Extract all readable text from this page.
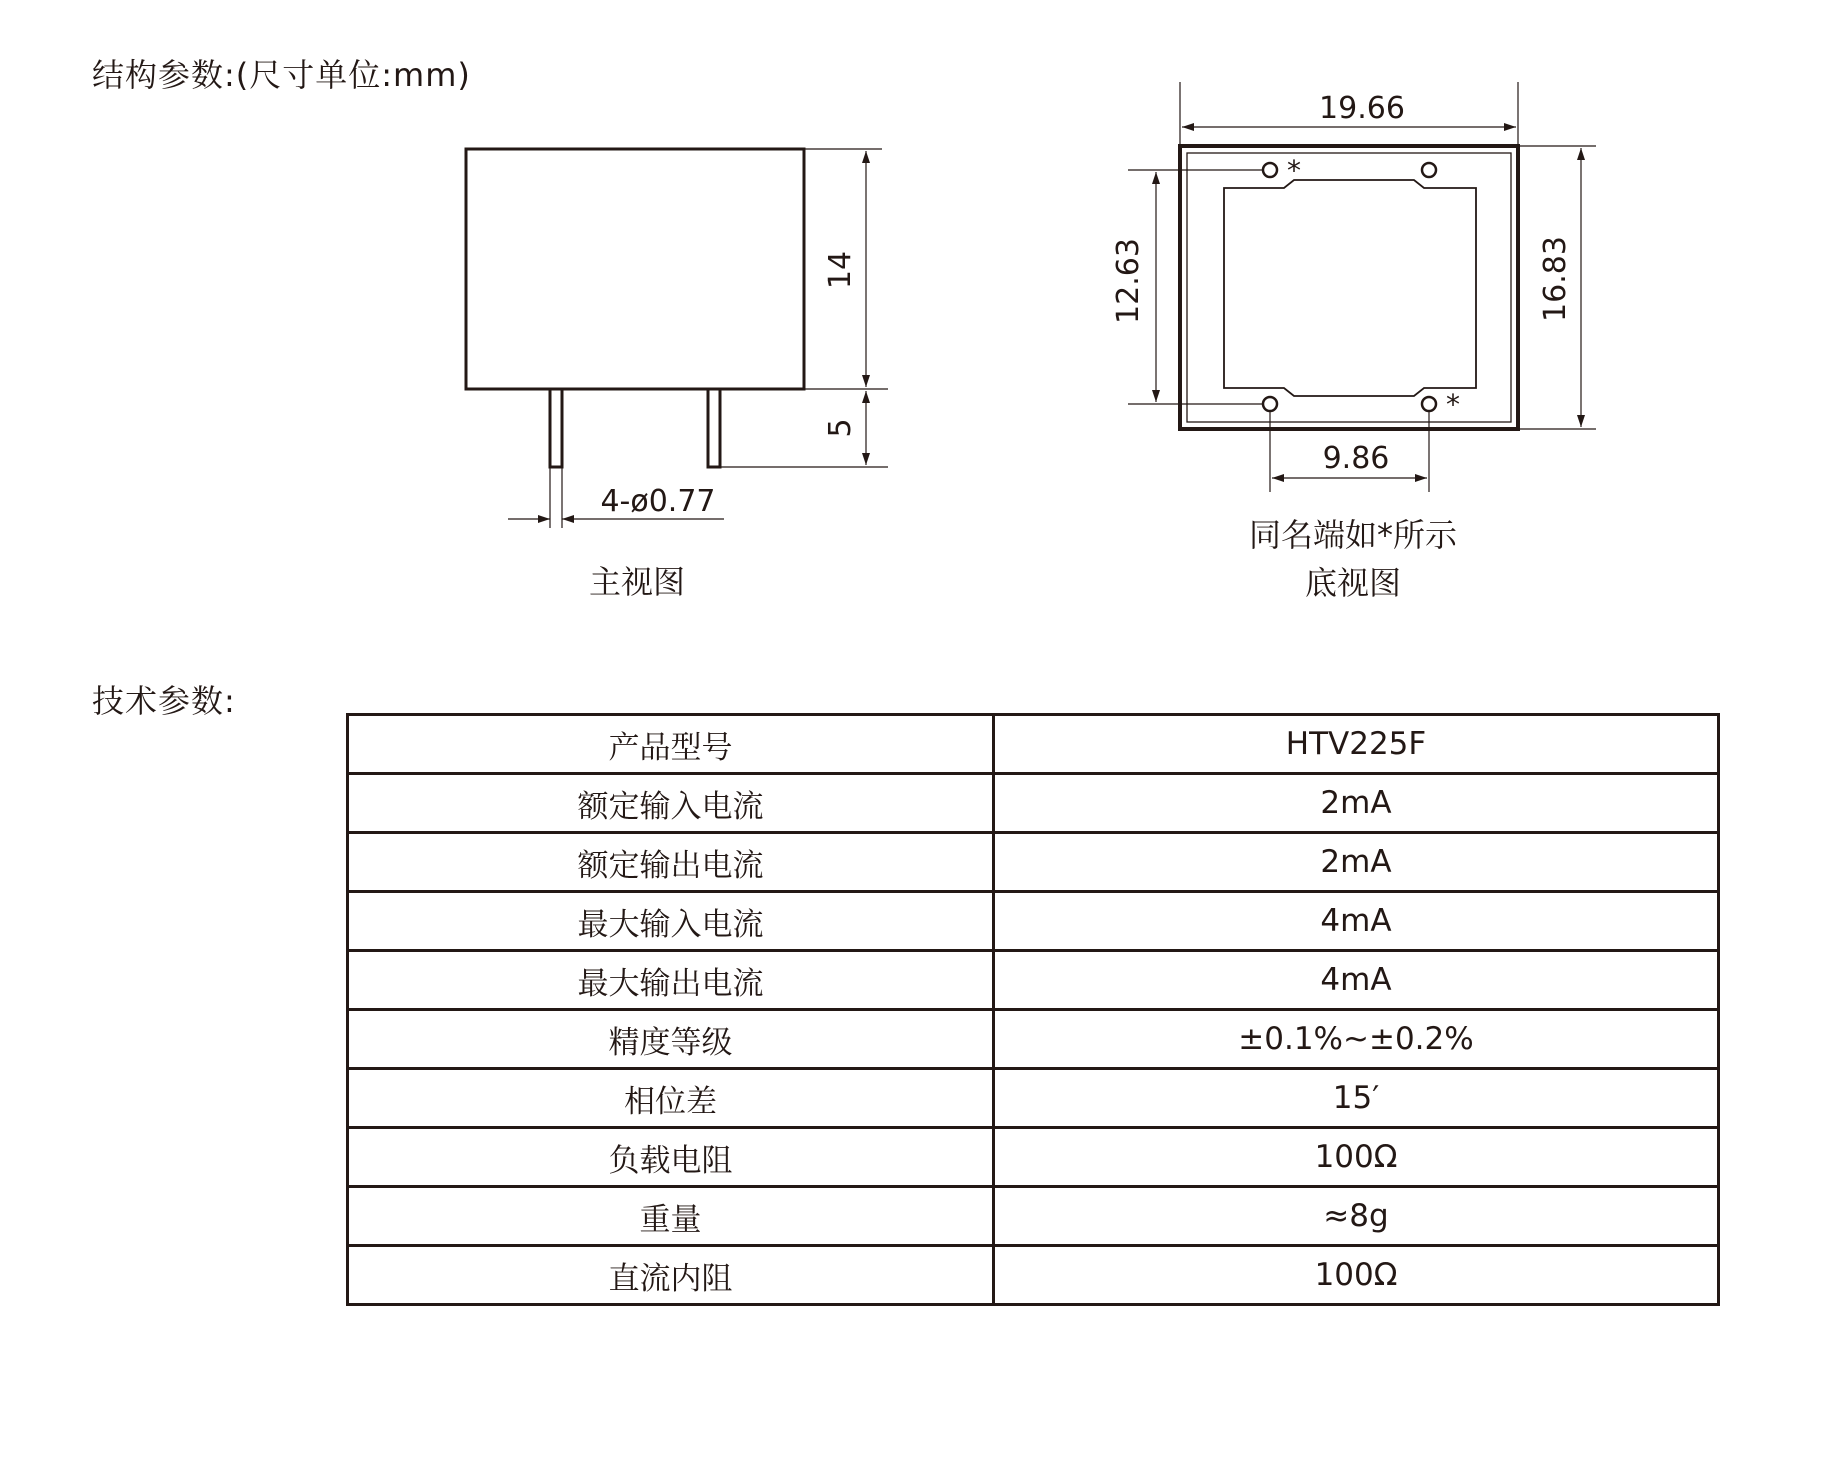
结构参数:(尺寸单位:mm)
14
5
4-ø0.77
主视图
*
*
19.66
12.63	16.83
9.86
同名端如*所示
底视图
技术参数:
产品型号	HTV225F
额定输入电流	2mA
额定输出电流	2mA
最大输入电流	4mA
最大输出电流	4mA
精度等级	±0.1%~±0.2%
相位差	15′
负载电阻	100Ω
重量	≈8g
直流内阻	100Ω
